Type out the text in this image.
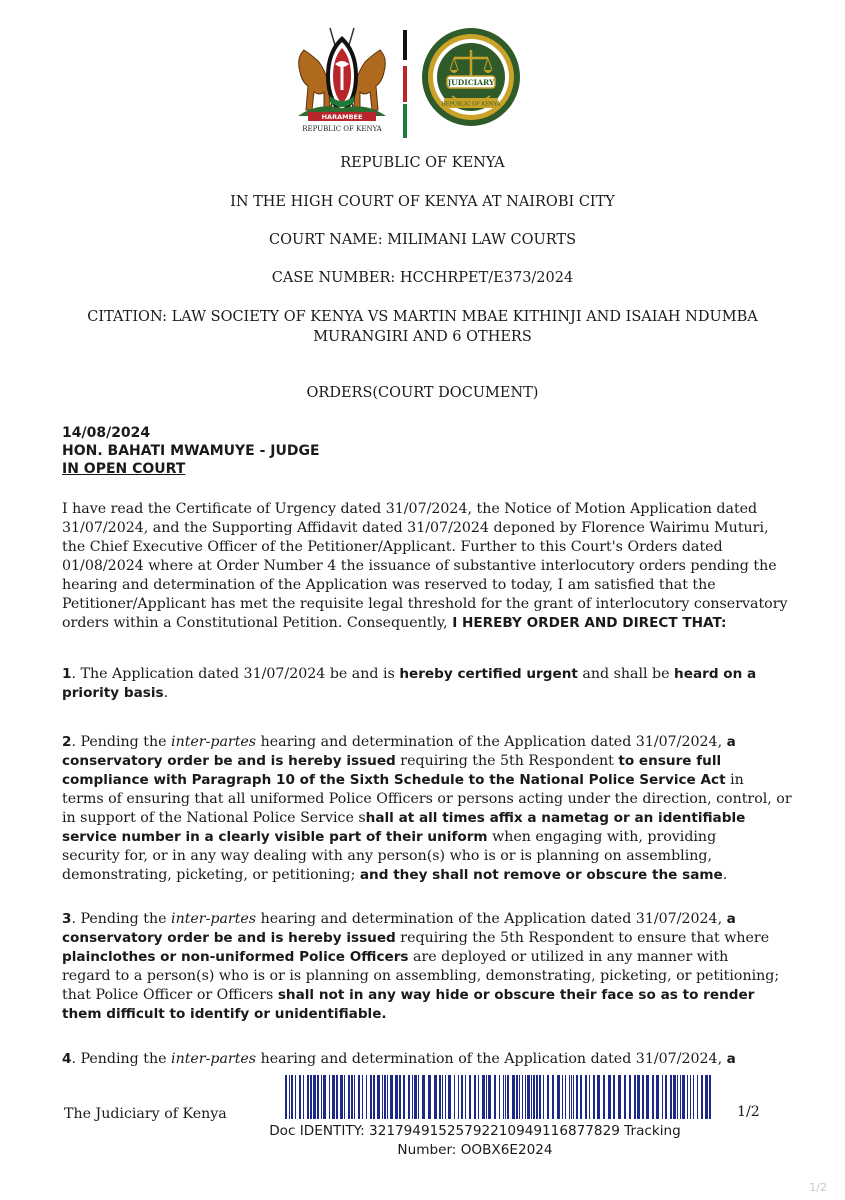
HARAMBEE
REPUBLIC OF KENYA
JUDICIARY
REPUBLIC OF KENYA
REPUBLIC OF KENYA
IN THE HIGH COURT OF KENYA AT NAIROBI CITY
COURT NAME: MILIMANI LAW COURTS
CASE NUMBER: HCCHRPET/E373/2024
CITATION: LAW SOCIETY OF KENYA VS MARTIN MBAE KITHINJI AND ISAIAH NDUMBA
MURANGIRI AND 6 OTHERS
ORDERS(COURT DOCUMENT)
14/08/2024
HON. BAHATI MWAMUYE - JUDGE
IN OPEN COURT
I have read the Certificate of Urgency dated 31/07/2024, the Notice of Motion Application dated
31/07/2024, and the Supporting Affidavit dated 31/07/2024 deponed by Florence Wairimu Muturi,
the Chief Executive Officer of the Petitioner/Applicant. Further to this Court's Orders dated
01/08/2024 where at Order Number 4 the issuance of substantive interlocutory orders pending the
hearing and determination of the Application was reserved to today, I am satisfied that the
Petitioner/Applicant has met the requisite legal threshold for the grant of interlocutory conservatory
orders within a Constitutional Petition. Consequently, I HEREBY ORDER AND DIRECT THAT:
1. The Application dated 31/07/2024 be and is hereby certified urgent and shall be heard on a
priority basis.
2. Pending the inter-partes hearing and determination of the Application dated 31/07/2024, a
conservatory order be and is hereby issued requiring the 5th Respondent to ensure full
compliance with Paragraph 10 of the Sixth Schedule to the National Police Service Act in
terms of ensuring that all uniformed Police Officers or persons acting under the direction, control, or
in support of the National Police Service shall at all times affix a nametag or an identifiable
service number in a clearly visible part of their uniform when engaging with, providing
security for, or in any way dealing with any person(s) who is or is planning on assembling,
demonstrating, picketing, or petitioning; and they shall not remove or obscure the same.
3. Pending the inter-partes hearing and determination of the Application dated 31/07/2024, a
conservatory order be and is hereby issued requiring the 5th Respondent to ensure that where
plainclothes or non-uniformed Police Officers are deployed or utilized in any manner with
regard to a person(s) who is or is planning on assembling, demonstrating, picketing, or petitioning;
that Police Officer or Officers shall not in any way hide or obscure their face so as to render
them difficult to identify or unidentifiable.
4. Pending the inter-partes hearing and determination of the Application dated 31/07/2024, a
The Judiciary of Kenya	1/2
Doc IDENTITY: 32179491525792210949116877829 Tracking
Number: OOBX6E2024
1/2
